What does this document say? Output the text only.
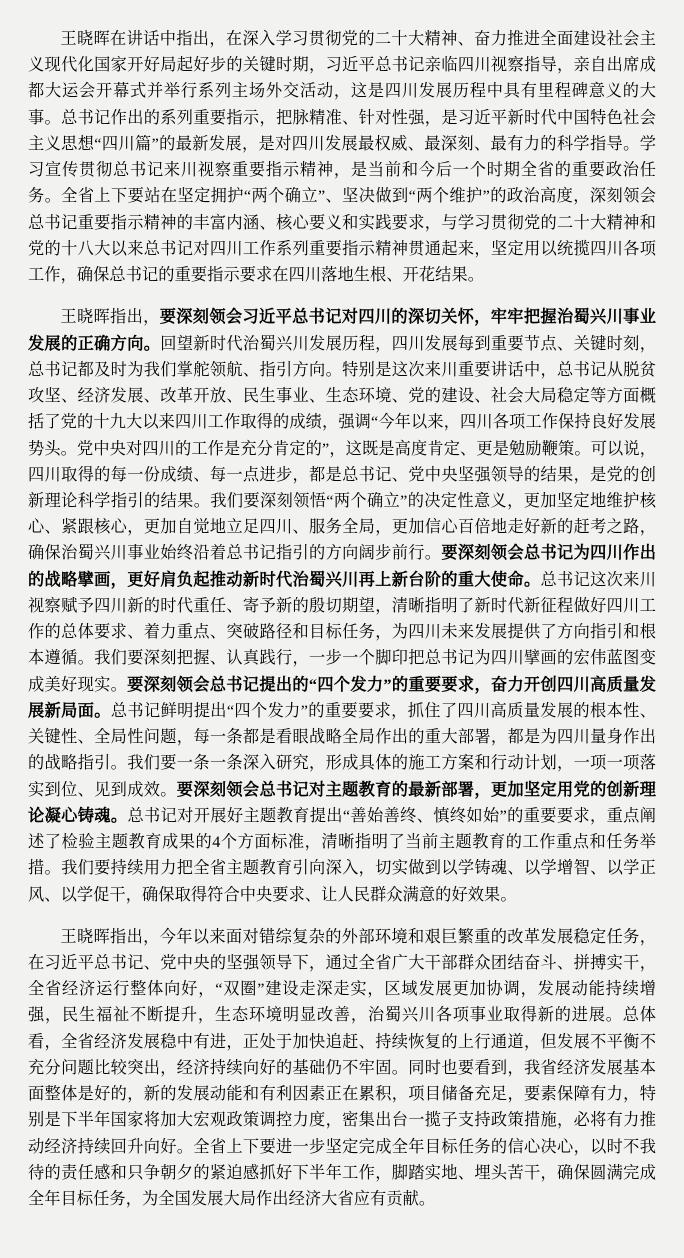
王晓晖在讲话中指出，在深入学习贯彻党的二十大精神、奋力推进全面建设社会主义现代化国家开好局起好步的关键时期，习近平总书记亲临四川视察指导，亲自出席成都大运会开幕式并举行系列主场外交活动，这是四川发展历程中具有里程碑意义的大事。总书记作出的系列重要指示，把脉精准、针对性强，是习近平新时代中国特色社会主义思想“四川篇”的最新发展，是对四川发展最权威、最深刻、最有力的科学指导。学习宣传贯彻总书记来川视察重要指示精神，是当前和今后一个时期全省的重要政治任务。全省上下要站在坚定拥护“两个确立”、坚决做到“两个维护”的政治高度，深刻领会总书记重要指示精神的丰富内涵、核心要义和实践要求，与学习贯彻党的二十大精神和党的十八大以来总书记对四川工作系列重要指示精神贯通起来，坚定用以统揽四川各项工作，确保总书记的重要指示要求在四川落地生根、开花结果。

王晓晖指出，要深刻领会习近平总书记对四川的深切关怀，牢牢把握治蜀兴川事业发展的正确方向。回望新时代治蜀兴川发展历程，四川发展每到重要节点、关键时刻，总书记都及时为我们掌舵领航、指引方向。特别是这次来川重要讲话中，总书记从脱贫攻坚、经济发展、改革开放、民生事业、生态环境、党的建设、社会大局稳定等方面概括了党的十九大以来四川工作取得的成绩，强调“今年以来，四川各项工作保持良好发展势头。党中央对四川的工作是充分肯定的”，这既是高度肯定、更是勉励鞭策。可以说，四川取得的每一份成绩、每一点进步，都是总书记、党中央坚强领导的结果，是党的创新理论科学指引的结果。我们要深刻领悟“两个确立”的决定性意义，更加坚定地维护核心、紧跟核心，更加自觉地立足四川、服务全局，更加信心百倍地走好新的赶考之路，确保治蜀兴川事业始终沿着总书记指引的方向阔步前行。要深刻领会总书记为四川作出的战略擘画，更好肩负起推动新时代治蜀兴川再上新台阶的重大使命。总书记这次来川视察赋予四川新的时代重任、寄予新的殷切期望，清晰指明了新时代新征程做好四川工作的总体要求、着力重点、突破路径和目标任务，为四川未来发展提供了方向指引和根本遵循。我们要深刻把握、认真践行，一步一个脚印把总书记为四川擘画的宏伟蓝图变成美好现实。要深刻领会总书记提出的“四个发力”的重要要求，奋力开创四川高质量发展新局面。总书记鲜明提出“四个发力”的重要要求，抓住了四川高质量发展的根本性、关键性、全局性问题，每一条都是看眼战略全局作出的重大部署，都是为四川量身作出的战略指引。我们要一条一条深入研究，形成具体的施工方案和行动计划，一项一项落实到位、见到成效。要深刻领会总书记对主题教育的最新部署，更加坚定用党的创新理论凝心铸魂。总书记对开展好主题教育提出“善始善终、慎终如始”的重要要求，重点阐述了检验主题教育成果的4个方面标准，清晰指明了当前主题教育的工作重点和任务举措。我们要持续用力把全省主题教育引向深入，切实做到以学铸魂、以学增智、以学正风、以学促干，确保取得符合中央要求、让人民群众满意的好效果。

王晓晖指出，今年以来面对错综复杂的外部环境和艰巨繁重的改革发展稳定任务，在习近平总书记、党中央的坚强领导下，通过全省广大干部群众团结奋斗、拼搏实干，全省经济运行整体向好，“双圈”建设走深走实，区域发展更加协调，发展动能持续增强，民生福祉不断提升，生态环境明显改善，治蜀兴川各项事业取得新的进展。总体看，全省经济发展稳中有进，正处于加快追赶、持续恢复的上行通道，但发展不平衡不充分问题比较突出，经济持续向好的基础仍不牢固。同时也要看到，我省经济发展基本面整体是好的，新的发展动能和有利因素正在累积，项目储备充足，要素保障有力，特别是下半年国家将加大宏观政策调控力度，密集出台一揽子支持政策措施，必将有力推动经济持续回升向好。全省上下要进一步坚定完成全年目标任务的信心决心，以时不我待的责任感和只争朝夕的紧迫感抓好下半年工作，脚踏实地、埋头苦干，确保圆满完成全年目标任务，为全国发展大局作出经济大省应有贡献。
